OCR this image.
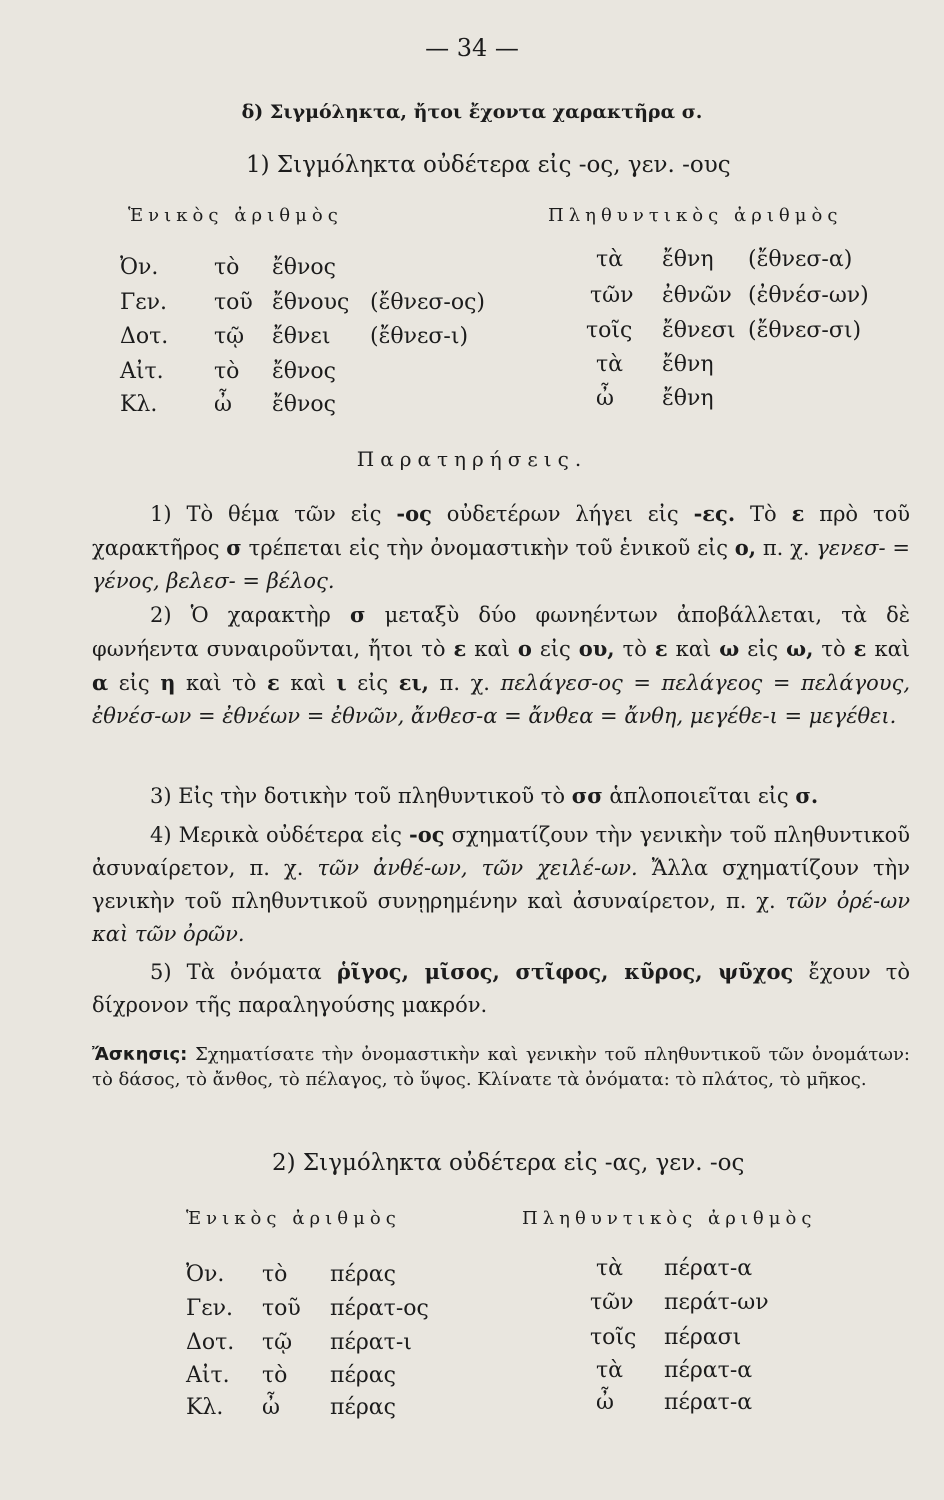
— 34 —
δ) Σιγμόληκτα, ἤτοι ἔχοντα χαρακτῆρα σ.
1) Σιγμόληκτα οὐδέτερα εἰς -ος, γεν. -ους
Ἑνικὸς ἀριθμὸς	Πληθυντικὸς ἀριθμὸς
Ὀν.	τὸ ἔθνος	τὰ ἔθνη (ἔθνεσ-α)
Γεν. τοῦ ἔθνους (ἔθνεσ-ος)	τῶν ἐθνῶν (ἐθνέσ-ων)
Δοτ. τῷ ἔθνει (ἔθνεσ-ι)	τοῖς ἔθνεσι (ἔθνεσ-σι)
Αἰτ. τὸ ἔθνος	τὰ ἔθνη
Κλ.	ὦ ἔθνος	ὦ ἔθνη
Παρατηρήσεις.

1) Τὸ θέμα τῶν εἰς -ος οὐδετέρων λήγει εἰς -ες. Τὸ ε πρὸ τοῦ χαρακτῆρος σ τρέπεται εἰς τὴν ὀνομαστικὴν τοῦ ἑνικοῦ εἰς ο, π. χ. γενεσ- = γένος, βελεσ- = βέλος.

2) Ὁ χαρακτὴρ σ μεταξὺ δύο φωνηέντων ἀποβάλλεται, τὰ δὲ φωνήεντα συναιροῦνται, ἤτοι τὸ ε καὶ ο εἰς ου, τὸ ε καὶ ω εἰς ω, τὸ ε καὶ α εἰς η καὶ τὸ ε καὶ ι εἰς ει, π. χ. πελάγεσ-ος = πελάγεος = πελάγους, ἐθνέσ-ων = ἐθνέων = ἐθνῶν, ἄνθεσ-α = ἄνθεα = ἄνθη, μεγέθε-ι = μεγέθει.

3) Εἰς τὴν δοτικὴν τοῦ πληθυντικοῦ τὸ σσ ἁπλοποιεῖται εἰς σ.

4) Μερικὰ οὐδέτερα εἰς -ος σχηματίζουν τὴν γενικὴν τοῦ πληθυντικοῦ ἀσυναίρετον, π. χ. τῶν ἀνθέ-ων, τῶν χειλέ-ων. Ἄλλα σχηματίζουν τὴν γενικὴν τοῦ πληθυντικοῦ συνῃρημένην καὶ ἀσυναίρετον, π. χ. τῶν ὀρέ-ων καὶ τῶν ὀρῶν.

5) Τὰ ὀνόματα ῥῖγος, μῖσος, στῖφος, κῦρος, ψῦχος ἔχουν τὸ δίχρονον τῆς παραληγούσης μακρόν.

Ἄσκησις: Σχηματίσατε τὴν ὀνομαστικὴν καὶ γενικὴν τοῦ πληθυντικοῦ τῶν ὀνομάτων: τὸ δάσος, τὸ ἄνθος, τὸ πέλαγος, τὸ ὕψος. Κλίνατε τὰ ὀνόματα: τὸ πλάτος, τὸ μῆκος.
2) Σιγμόληκτα οὐδέτερα εἰς -ας, γεν. -ος
Ἑνικὸς ἀριθμὸς	Πληθυντικὸς ἀριθμὸς
Ὀν. τὸ πέρας	τὰ πέρατ-α
Γεν. τοῦ πέρατ-ος	τῶν περάτ-ων
Δοτ. τῷ πέρατ-ι	τοῖς πέρασι
Αἰτ. τὸ πέρας	τὰ πέρατ-α
Κλ. ὦ πέρας	ὦ πέρατ-α
